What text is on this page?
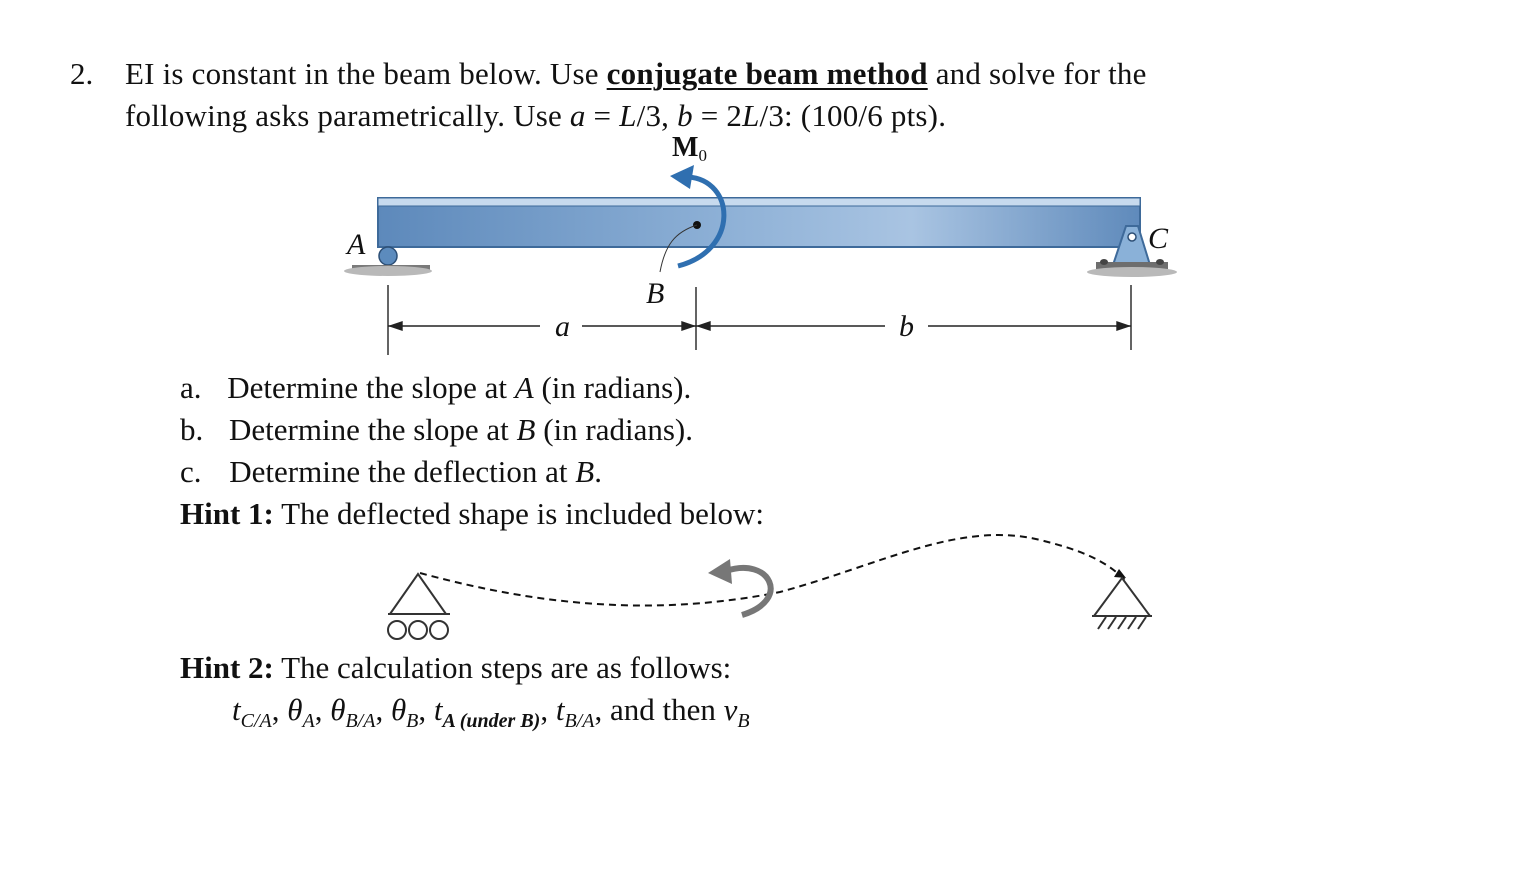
2. EI is constant in the beam below. Use conjugate beam method and solve for the
following asks parametrically. Use a = L/3, b = 2L/3: (100/6 pts).
$M_0$
A
B
C
a	b
a. Determine the slope at A (in radians).
b. Determine the slope at B (in radians).
c. Determine the deflection at B.
Hint 1: The deflected shape is included below:
Hint 2: The calculation steps are as follows:
$t_{C/A}$, $\theta_A$, $\theta_{B/A}$, $\theta_B$, $t_{A (under B)}$, $t_{B/A}$, and then $v_B$
